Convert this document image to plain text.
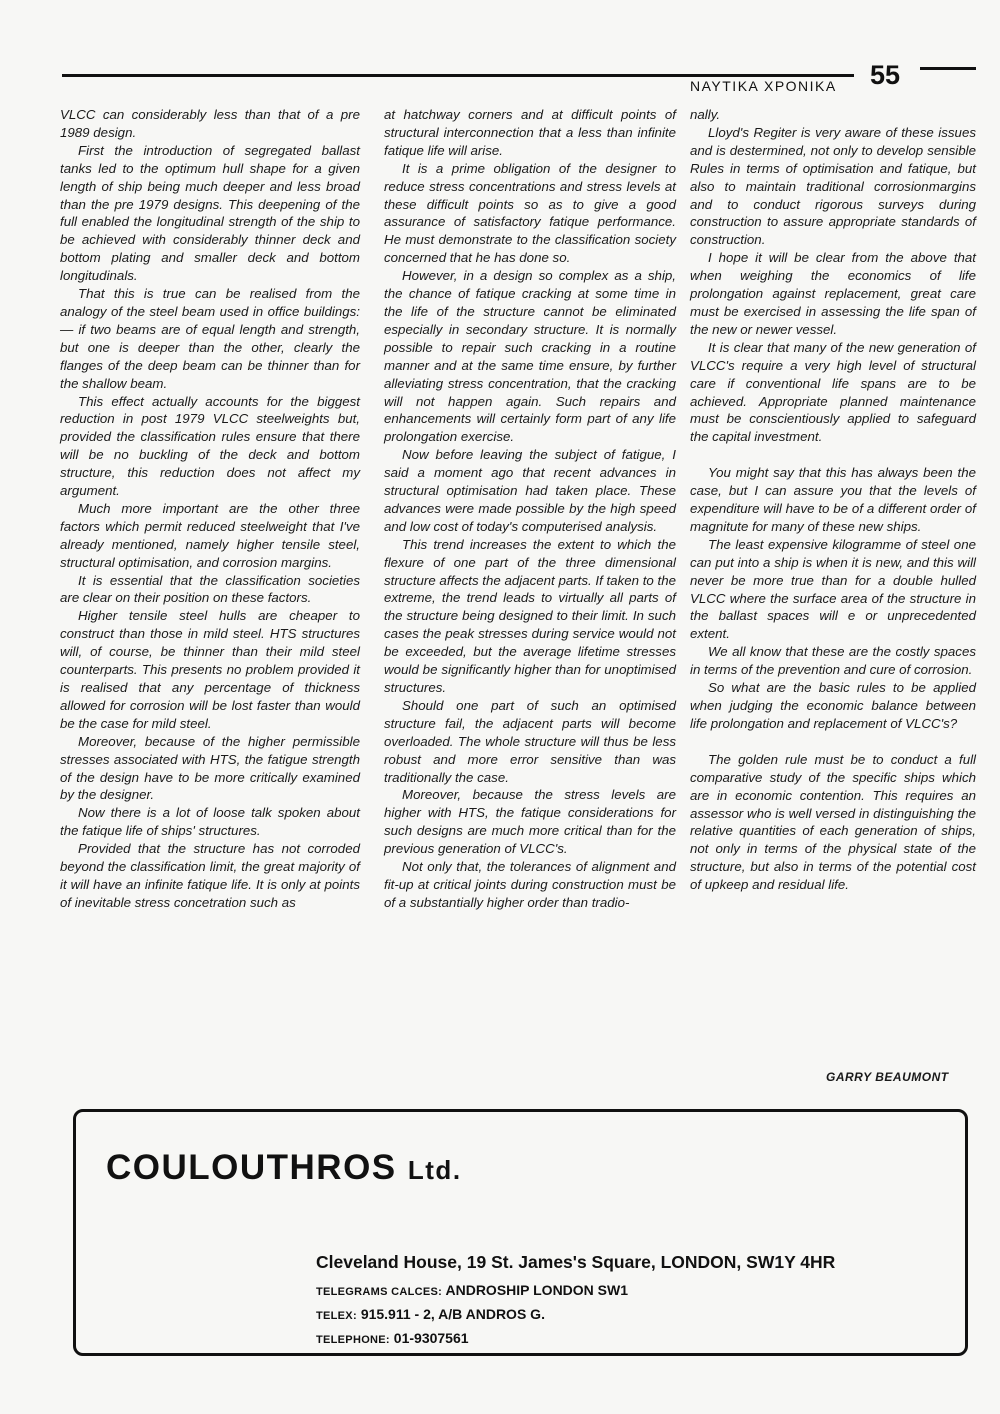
ΝΑΥΤΙΚΑ ΧΡΟΝΙΚΑ 55

VLCC can considerably less than that of a pre 1989 design.

First the introduction of segregated ballast tanks led to the optimum hull shape for a given length of ship being much deeper and less broad than the pre 1979 designs. This deepening of the full enabled the longitudinal strength of the ship to be achieved with considerably thinner deck and bottom plating and smaller deck and bottom longitudinals.

That this is true can be realised from the analogy of the steel beam used in office buildings: — if two beams are of equal length and strength, but one is deeper than the other, clearly the flanges of the deep beam can be thinner than for the shallow beam.

This effect actually accounts for the biggest reduction in post 1979 VLCC steelweights but, provided the classification rules ensure that there will be no buckling of the deck and bottom structure, this reduction does not affect my argument.

Much more important are the other three factors which permit reduced steelweight that I've already mentioned, namely higher tensile steel, structural optimisation, and corrosion margins.

It is essential that the classification societies are clear on their position on these factors.

Higher tensile steel hulls are cheaper to construct than those in mild steel. HTS structures will, of course, be thinner than their mild steel counterparts. This presents no problem provided it is realised that any percentage of thickness allowed for corrosion will be lost faster than would be the case for mild steel.

Moreover, because of the higher permissible stresses associated with HTS, the fatigue strength of the design have to be more critically examined by the designer.

Now there is a lot of loose talk spoken about the fatique life of ships' structures.

Provided that the structure has not corroded beyond the classification limit, the great majority of it will have an infinite fatique life. It is only at points of inevitable stress concetration such as

at hatchway corners and at difficult points of structural interconnection that a less than infinite fatique life will arise.

It is a prime obligation of the designer to reduce stress concentrations and stress levels at these difficult points so as to give a good assurance of satisfactory fatique performance. He must demonstrate to the classification society concerned that he has done so.

However, in a design so complex as a ship, the chance of fatique cracking at some time in the life of the structure cannot be eliminated especially in secondary structure. It is normally possible to repair such cracking in a routine manner and at the same time ensure, by further alleviating stress concentration, that the cracking will not happen again. Such repairs and enhancements will certainly form part of any life prolongation exercise.

Now before leaving the subject of fatigue, I said a moment ago that recent advances in structural optimisation had taken place. These advances were made possible by the high speed and low cost of today's computerised analysis.

This trend increases the extent to which the flexure of one part of the three dimensional structure affects the adjacent parts. If taken to the extreme, the trend leads to virtually all parts of the structure being designed to their limit. In such cases the peak stresses during service would not be exceeded, but the average lifetime stresses would be significantly higher than for unoptimised structures.

Should one part of such an optimised structure fail, the adjacent parts will become overloaded. The whole structure will thus be less robust and more error sensitive than was traditionally the case.

Moreover, because the stress levels are higher with HTS, the fatique considerations for such designs are much more critical than for the previous generation of VLCC's.

Not only that, the tolerances of alignment and fit-up at critical joints during construction must be of a substantially higher order than tradio-

nally.

Lloyd's Regiter is very aware of these issues and is destermined, not only to develop sensible Rules in terms of optimisation and fatique, but also to maintain traditional corrosionmargins and to conduct rigorous surveys during construction to assure appropriate standards of construction.

I hope it will be clear from the above that when weighing the economics of life prolongation against replacement, great care must be exercised in assessing the life span of the new or newer vessel.

It is clear that many of the new generation of VLCC's require a very high level of structural care if conventional life spans are to be achieved. Appropriate planned maintenance must be conscientiously applied to safeguard the capital investment.

You might say that this has always been the case, but I can assure you that the levels of expenditure will have to be of a different order of magnitute for many of these new ships.

The least expensive kilogramme of steel one can put into a ship is when it is new, and this will never be more true than for a double hulled VLCC where the surface area of the structure in the ballast spaces will e or unprecedented extent.

We all know that these are the costly spaces in terms of the prevention and cure of corrosion.

So what are the basic rules to be applied when judging the economic balance between life prolongation and replacement of VLCC's?

The golden rule must be to conduct a full comparative study of the specific ships which are in economic contention. This requires an assessor who is well versed in distinguishing the relative quantities of each generation of ships, not only in terms of the physical state of the structure, but also in terms of the potential cost of upkeep and residual life.

GARRY BEAUMONT
COULOUTHROS Ltd.
Cleveland House, 19 St. James's Square, LONDON, SW1Y 4HR
TELEGRAMS CALCES: ANDROSHIP LONDON SW1
TELEX: 915.911 - 2, A/B ANDROS G.
TELEPHONE: 01-9307561
